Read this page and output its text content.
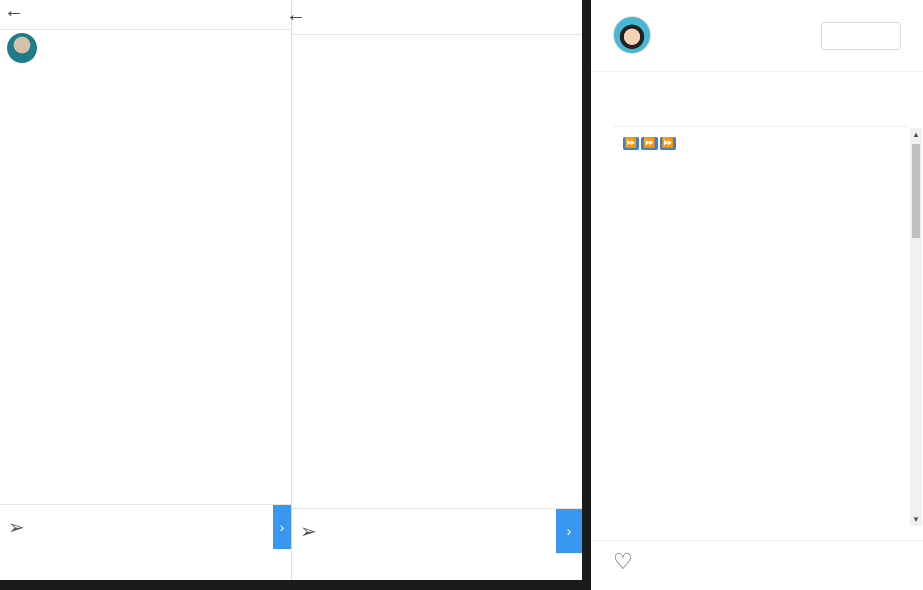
←

➢	›
←
➢	›
⏩ ⏩ ⏩
▲
▼
♡
